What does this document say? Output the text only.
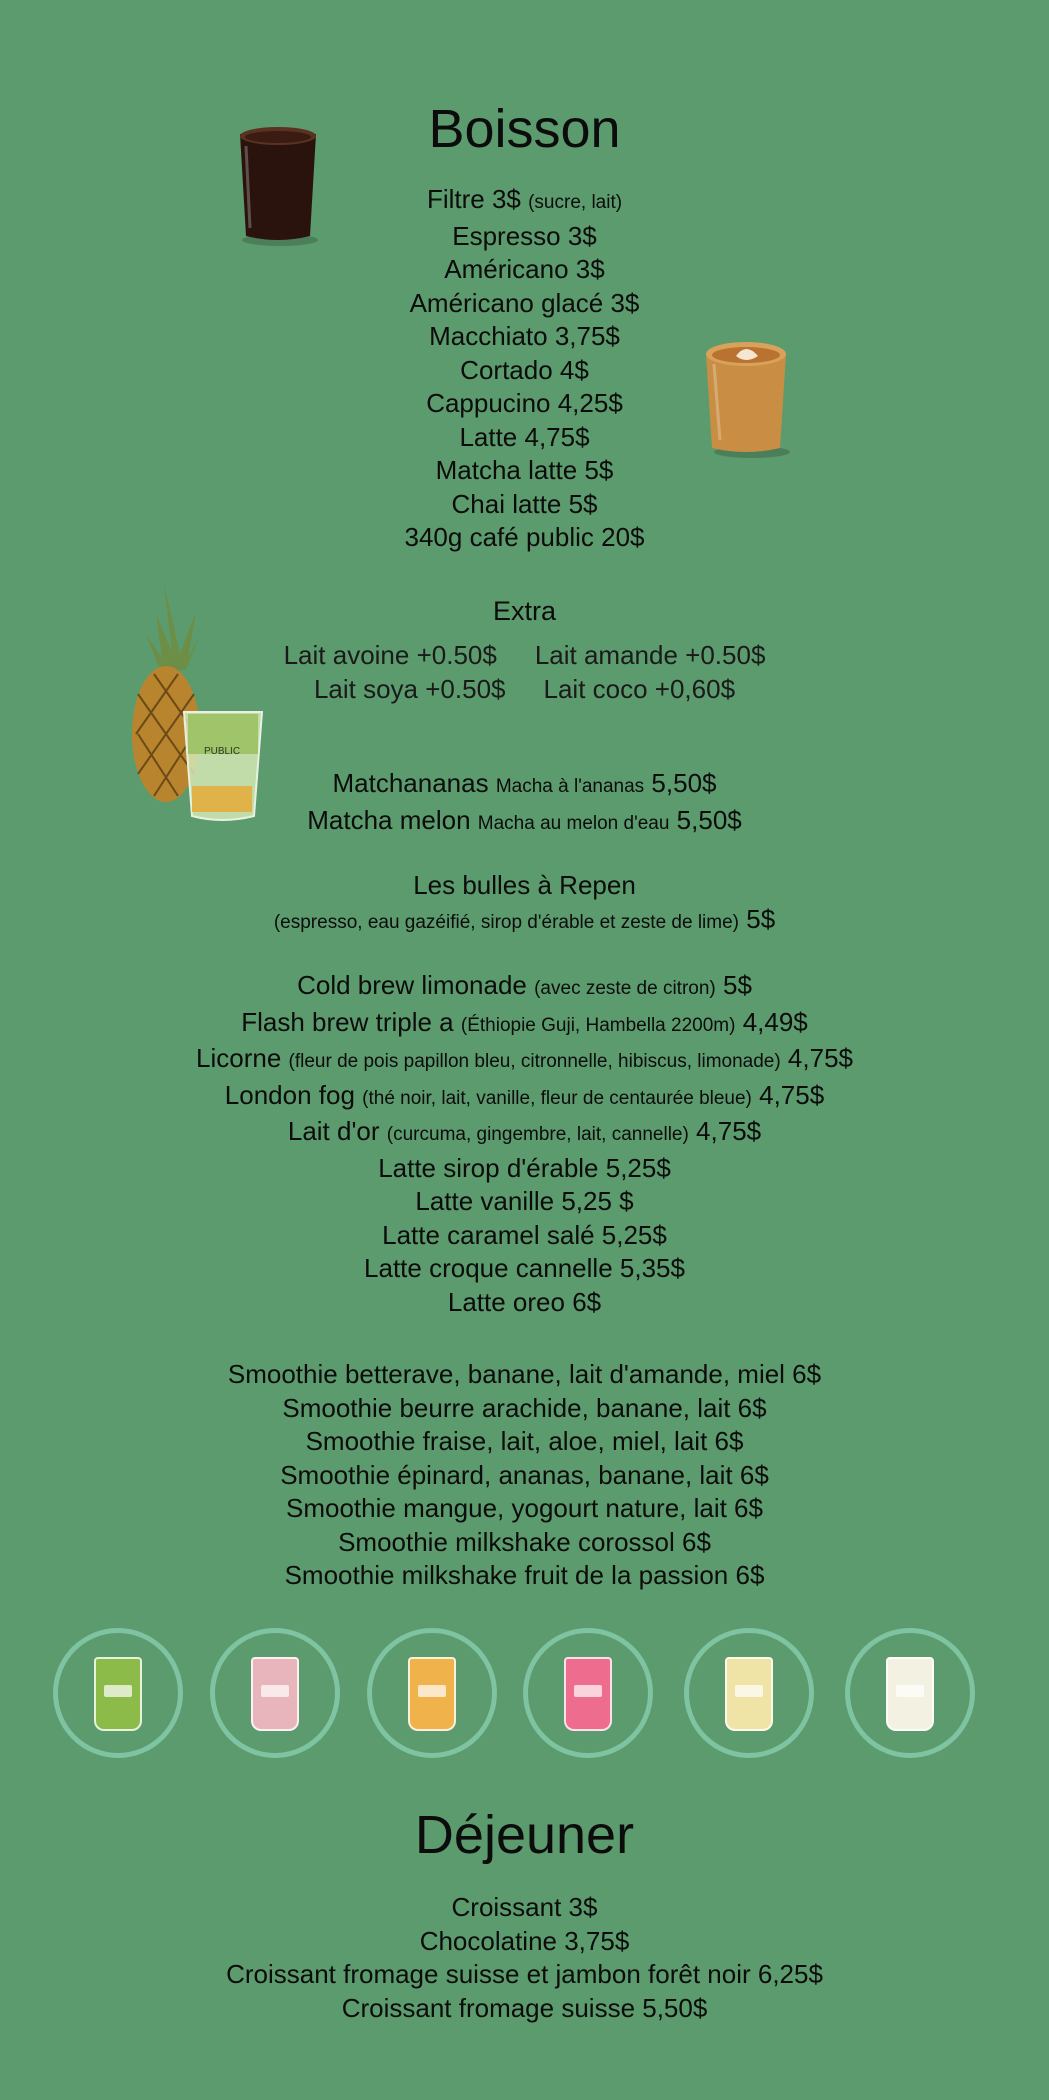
PUBLIC
Boisson
Filtre 3$ (sucre, lait)
Espresso 3$
Américano 3$
Américano glacé 3$
Macchiato 3,75$
Cortado 4$
Cappucino 4,25$
Latte 4,75$
Matcha latte 5$
Chai latte 5$
340g café public 20$
Extra
Lait avoine +0.50$ Lait amande +0.50$
Lait soya +0.50$ Lait coco +0,60$
Matchananas Macha à l'ananas 5,50$
Matcha melon Macha au melon d'eau 5,50$
Les bulles à Repen
(espresso, eau gazéifié, sirop d'érable et zeste de lime) 5$
Cold brew limonade (avec zeste de citron) 5$
Flash brew triple a (Éthiopie Guji, Hambella 2200m) 4,49$
Licorne (fleur de pois papillon bleu, citronnelle, hibiscus, limonade) 4,75$
London fog (thé noir, lait, vanille, fleur de centaurée bleue) 4,75$
Lait d'or (curcuma, gingembre, lait, cannelle) 4,75$
Latte sirop d'érable 5,25$
Latte vanille 5,25 $
Latte caramel salé 5,25$
Latte croque cannelle 5,35$
Latte oreo 6$
Smoothie betterave, banane, lait d'amande, miel 6$
Smoothie beurre arachide, banane, lait 6$
Smoothie fraise, lait, aloe, miel, lait 6$
Smoothie épinard, ananas, banane, lait 6$
Smoothie mangue, yogourt nature, lait 6$
Smoothie milkshake corossol 6$
Smoothie milkshake fruit de la passion 6$
Déjeuner
Croissant 3$
Chocolatine 3,75$
Croissant fromage suisse et jambon forêt noir 6,25$
Croissant fromage suisse 5,50$
